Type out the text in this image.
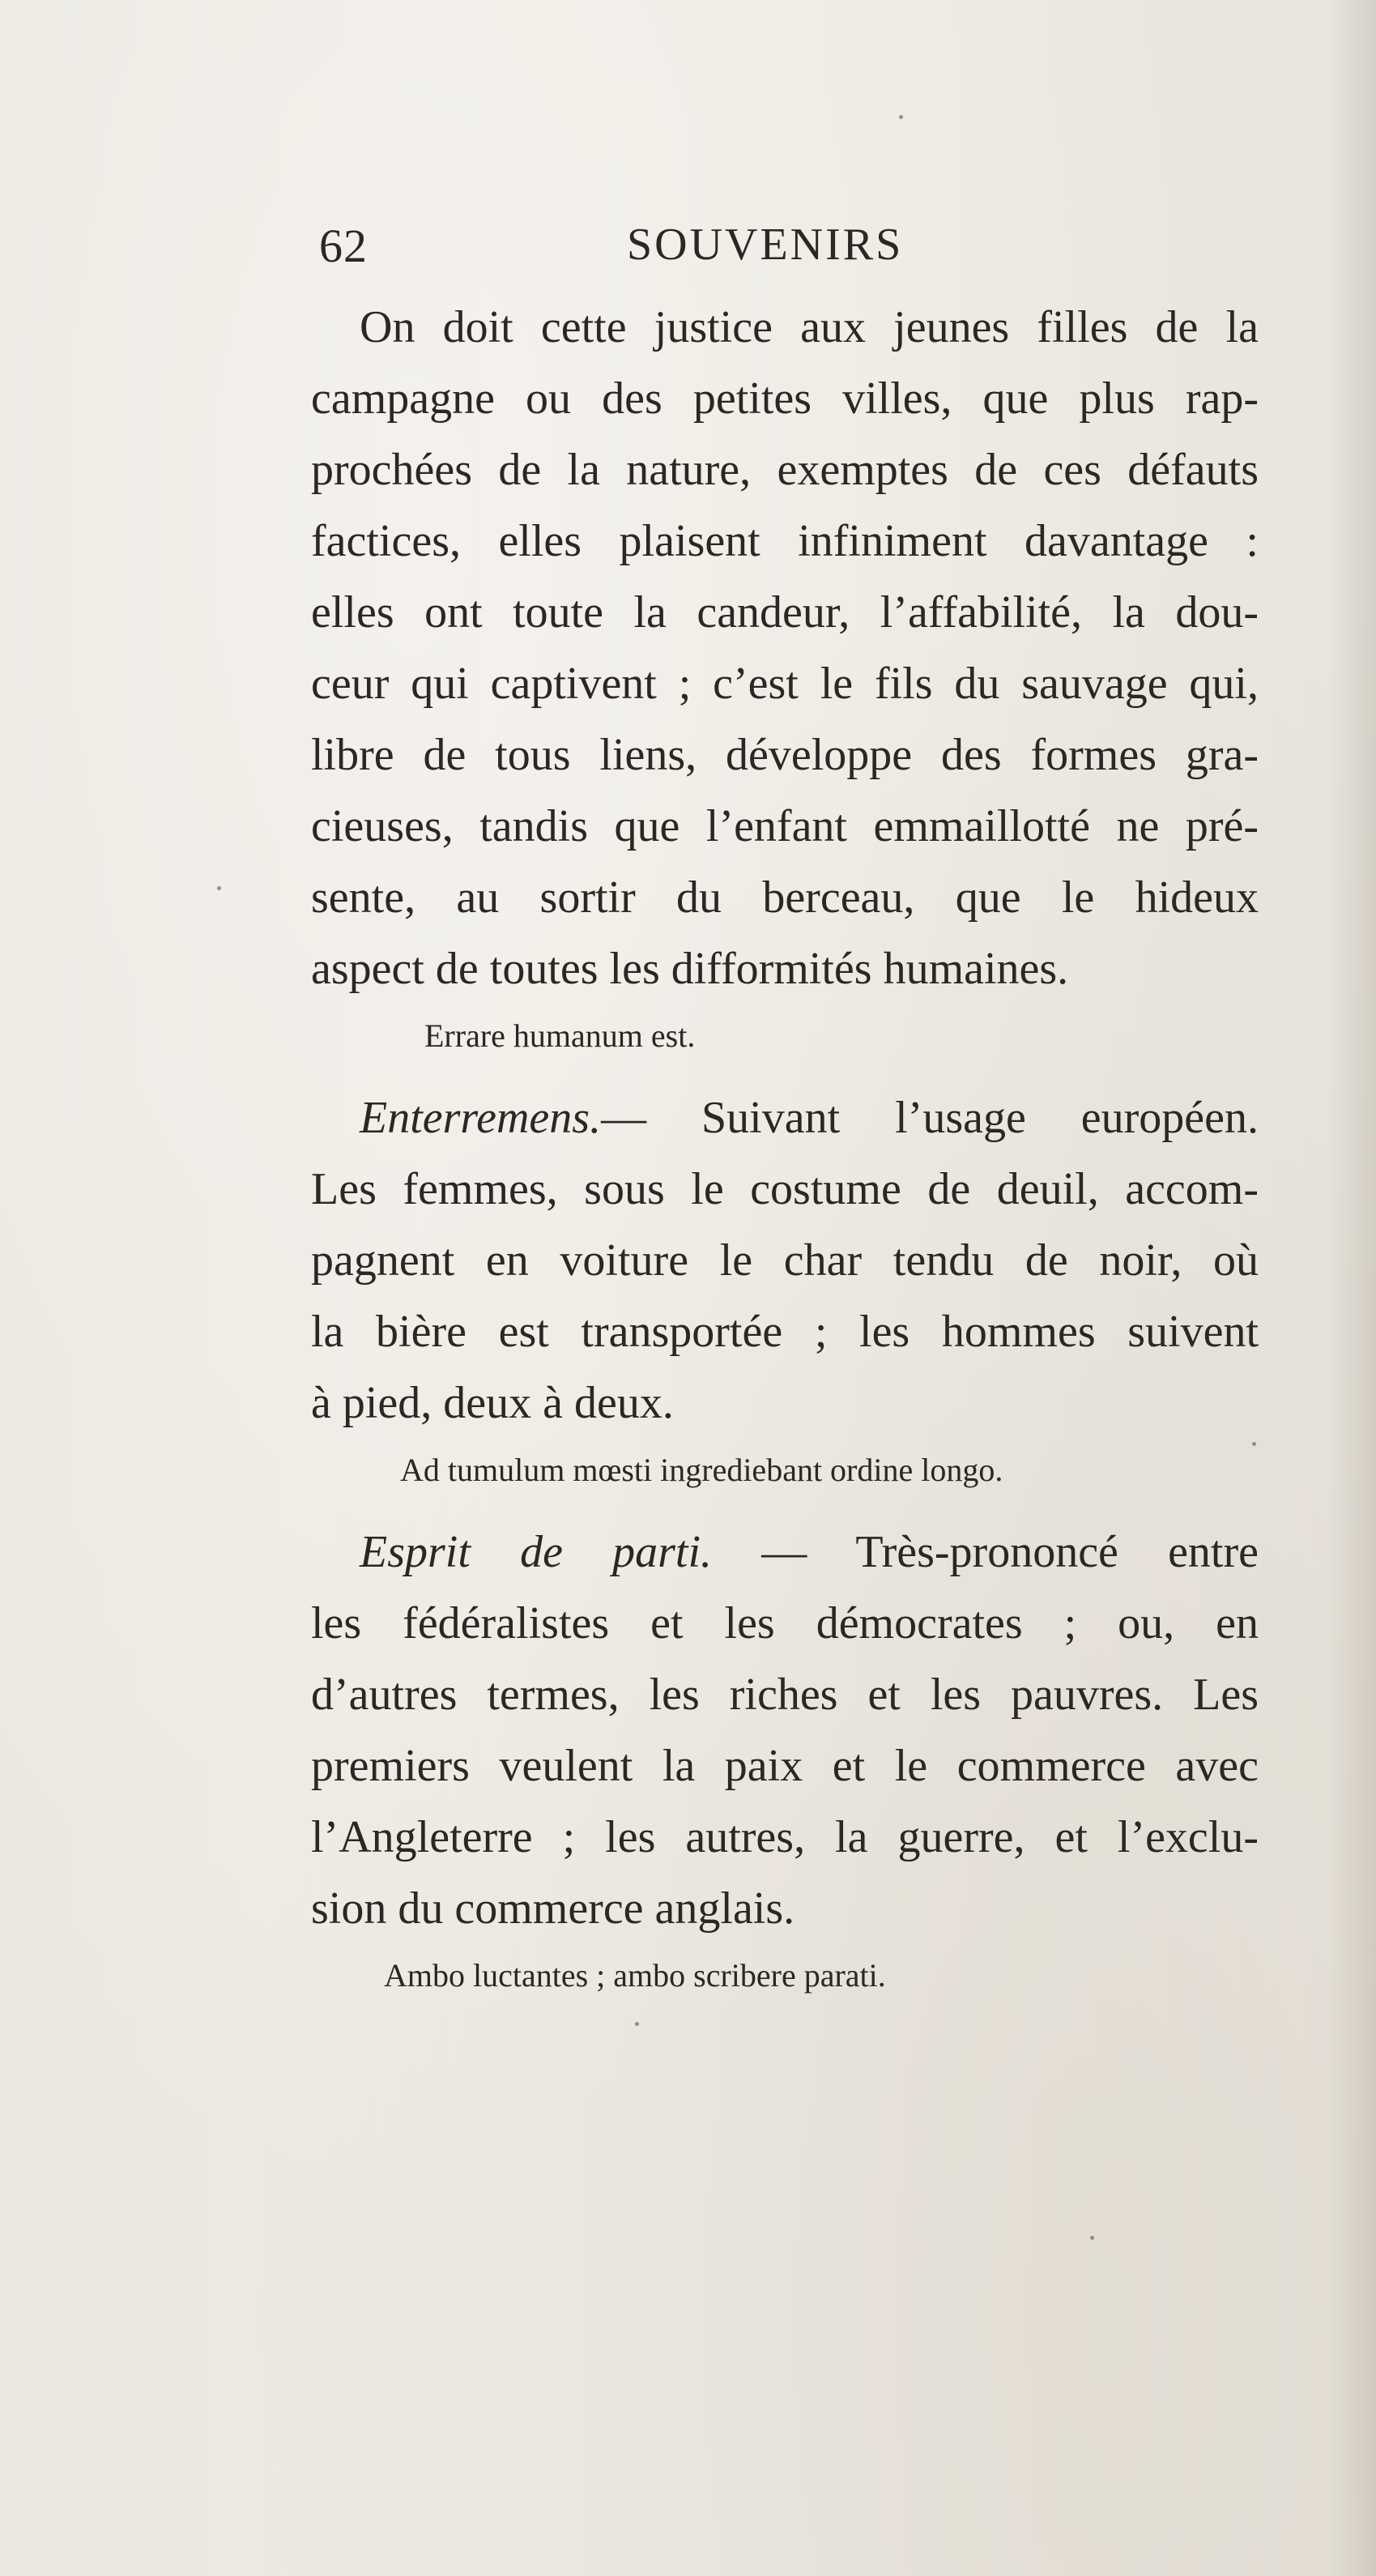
62	SOUVENIRS
On doit cette justice aux jeunes filles de la
campagne ou des petites villes, que plus rap-
prochées de la nature, exemptes de ces défauts
factices, elles plaisent infiniment davantage :
elles ont toute la candeur, l’affabilité, la dou-
ceur qui captivent ; c’est le fils du sauvage qui,
libre de tous liens, développe des formes gra-
cieuses, tandis que l’enfant emmaillotté ne pré-
sente, au sortir du berceau, que le hideux
aspect de toutes les difformités humaines.
Errare humanum est.
Enterremens.— Suivant l’usage européen.
Les femmes, sous le costume de deuil, accom-
pagnent en voiture le char tendu de noir, où
la bière est transportée ; les hommes suivent
à pied, deux à deux.
Ad tumulum mœsti ingrediebant ordine longo.
Esprit de parti. — Très-prononcé entre
les fédéralistes et les démocrates ; ou, en
d’autres termes, les riches et les pauvres. Les
premiers veulent la paix et le commerce avec
l’Angleterre ; les autres, la guerre, et l’exclu-
sion du commerce anglais.
Ambo luctantes ; ambo scribere parati.
